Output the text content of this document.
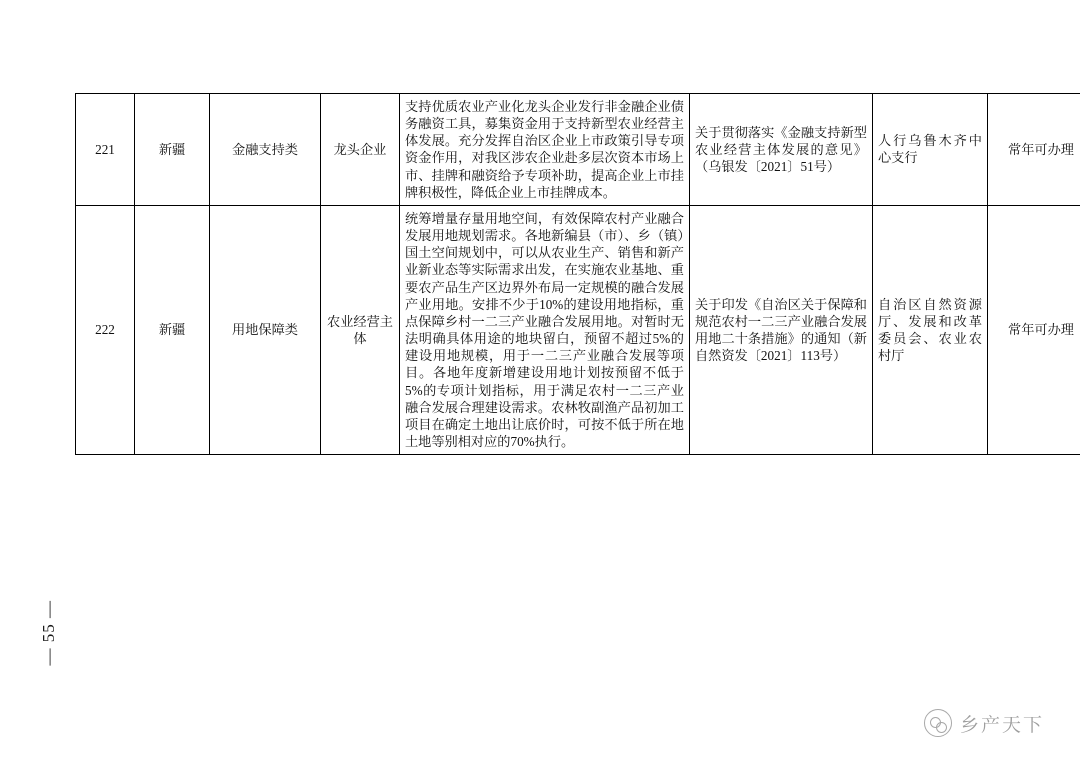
221	新疆	金融支持类	龙头企业	支持优质农业产业化龙头企业发行非金融企业债务融资工具，募集资金用于支持新型农业经营主体发展。充分发挥自治区企业上市政策引导专项资金作用，对我区涉农企业赴多层次资本市场上市、挂牌和融资给予专项补助，提高企业上市挂牌积极性，降低企业上市挂牌成本。	关于贯彻落实《金融支持新型农业经营主体发展的意见》（乌银发〔2021〕51号）	人行乌鲁木齐中心支行	常年可办理
222	新疆	用地保障类	农业经营主体	统筹增量存量用地空间，有效保障农村产业融合发展用地规划需求。各地新编县（市）、乡（镇）国土空间规划中，可以从农业生产、销售和新产业新业态等实际需求出发，在实施农业基地、重要农产品生产区边界外布局一定规模的融合发展产业用地。安排不少于10%的建设用地指标，重点保障乡村一二三产业融合发展用地。对暂时无法明确具体用途的地块留白，预留不超过5%的建设用地规模，用于一二三产业融合发展等项目。各地年度新增建设用地计划按预留不低于5%的专项计划指标，用于满足农村一二三产业融合发展合理建设需求。农林牧副渔产品初加工项目在确定土地出让底价时，可按不低于所在地土地等别相对应的70%执行。	关于印发《自治区关于保障和规范农村一二三产业融合发展用地二十条措施》的通知（新自然资发〔2021〕113号）	自治区自然资源厅、发展和改革委员会、农业农村厅	常年可办理
— 55 —
乡产天下
